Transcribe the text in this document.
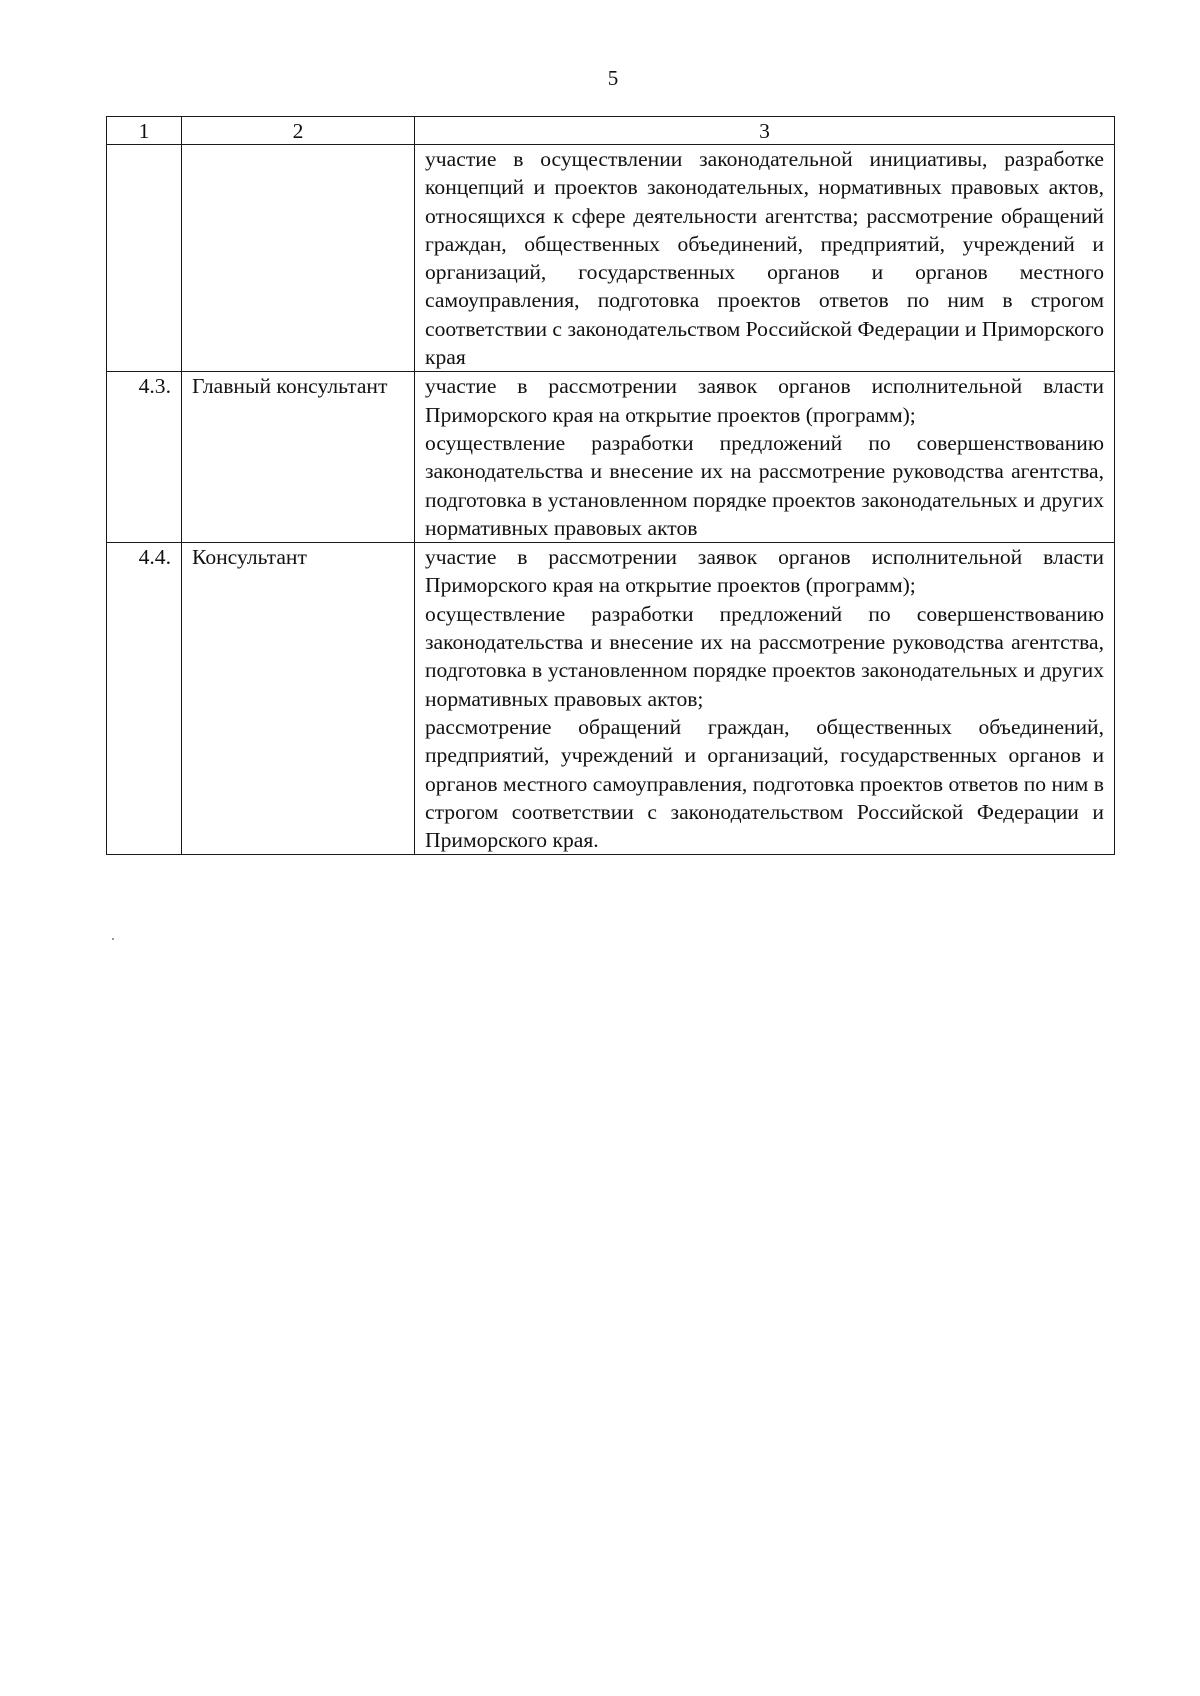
5
1	2	3

		участие в осуществлении законодательной инициативы, разработке концепций и проектов законодательных, нормативных правовых актов, относящихся к сфере деятельности агентства; рассмотрение обращений граждан, общественных объединений, предприятий, учреждений и организаций, государственных органов и органов местного самоуправления, подготовка проектов ответов по ним в строгом соответствии с законодательством Российской Федерации и Приморского края

4.3.	Главный консультант	участие в рассмотрении заявок органов исполнительной власти Приморского края на открытие проектов (программ);
осуществление разработки предложений по совершенствованию законодательства и внесение их на рассмотрение руководства агентства, подготовка в установленном порядке проектов законодательных и других нормативных правовых актов

4.4.	Консультант	участие в рассмотрении заявок органов исполнительной власти Приморского края на открытие проектов (программ);
осуществление разработки предложений по совершенствованию законодательства и внесение их на рассмотрение руководства агентства, подготовка в установленном порядке проектов законодательных и других нормативных правовых актов;
рассмотрение обращений граждан, общественных объединений, предприятий, учреждений и организаций, государственных органов и органов местного самоуправления, подготовка проектов ответов по ним в строгом соответствии с законодательством Российской Федерации и Приморского края.
